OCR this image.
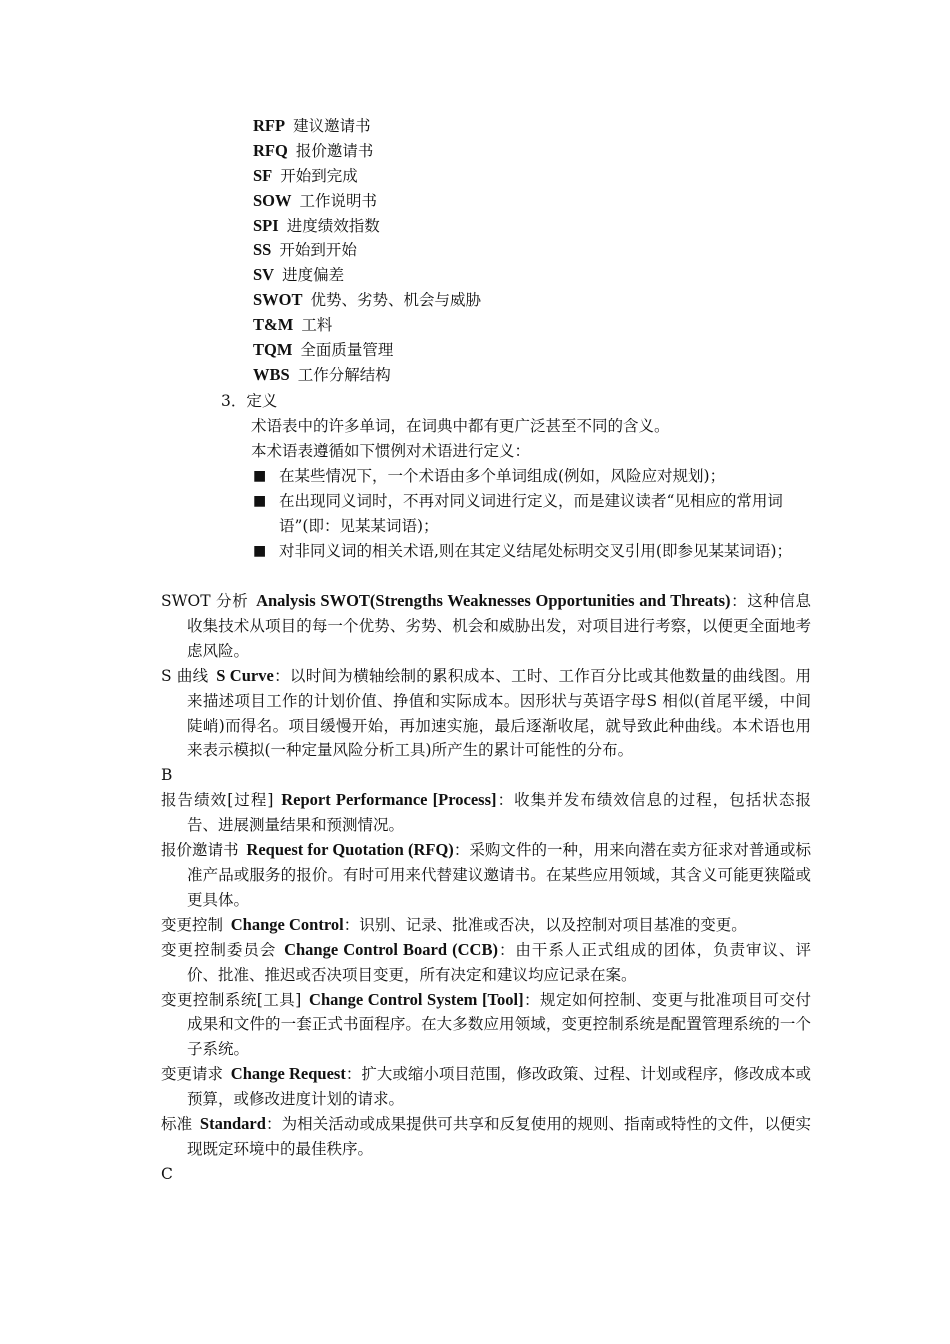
RFP 建议邀请书
RFQ 报价邀请书
SF 开始到完成
SOW 工作说明书
SPI 进度绩效指数
SS 开始到开始
SV 进度偏差
SWOT 优势、劣势、机会与威胁
T&M 工料
TQM 全面质量管理
WBS 工作分解结构
3．定义
术语表中的许多单词，在词典中都有更广泛甚至不同的含义。
本术语表遵循如下惯例对术语进行定义：
■ 在某些情况下，一个术语由多个单词组成(例如，风险应对规划)；
■ 在出现同义词时，不再对同义词进行定义，而是建议读者“见相应的常用词语”(即：见某某词语)；
■ 对非同义词的相关术语,则在其定义结尾处标明交叉引用(即参见某某词语)；
SWOT 分析  Analysis SWOT(Strengths Weaknesses Opportunities and Threats)：这种信息收集技术从项目的每一个优势、劣势、机会和威胁出发，对项目进行考察，以便更全面地考虑风险。
S 曲线  S Curve：以时间为横轴绘制的累积成本、工时、工作百分比或其他数量的曲线图。用来描述项目工作的计划价值、挣值和实际成本。因形状与英语字母S 相似(首尾平缓，中间陡峭)而得名。项目缓慢开始，再加速实施，最后逐渐收尾，就导致此种曲线。本术语也用来表示模拟(一种定量风险分析工具)所产生的累计可能性的分布。
B
报告绩效[过程]  Report Performance [Process]：收集并发布绩效信息的过程，包括状态报告、进展测量结果和预测情况。
报价邀请书  Request for Quotation (RFQ)：采购文件的一种，用来向潜在卖方征求对普通或标准产品或服务的报价。有时可用来代替建议邀请书。在某些应用领域，其含义可能更狭隘或更具体。
变更控制  Change Control：识别、记录、批准或否决，以及控制对项目基准的变更。
变更控制委员会  Change Control Board (CCB)：由干系人正式组成的团体，负责审议、评价、批准、推迟或否决项目变更，所有决定和建议均应记录在案。
变更控制系统[工具]  Change Control System [Tool]：规定如何控制、变更与批准项目可交付成果和文件的一套正式书面程序。在大多数应用领域，变更控制系统是配置管理系统的一个子系统。
变更请求  Change Request：扩大或缩小项目范围，修改政策、过程、计划或程序，修改成本或预算，或修改进度计划的请求。
标准  Standard：为相关活动或成果提供可共享和反复使用的规则、指南或特性的文件，以便实现既定环境中的最佳秩序。
C
